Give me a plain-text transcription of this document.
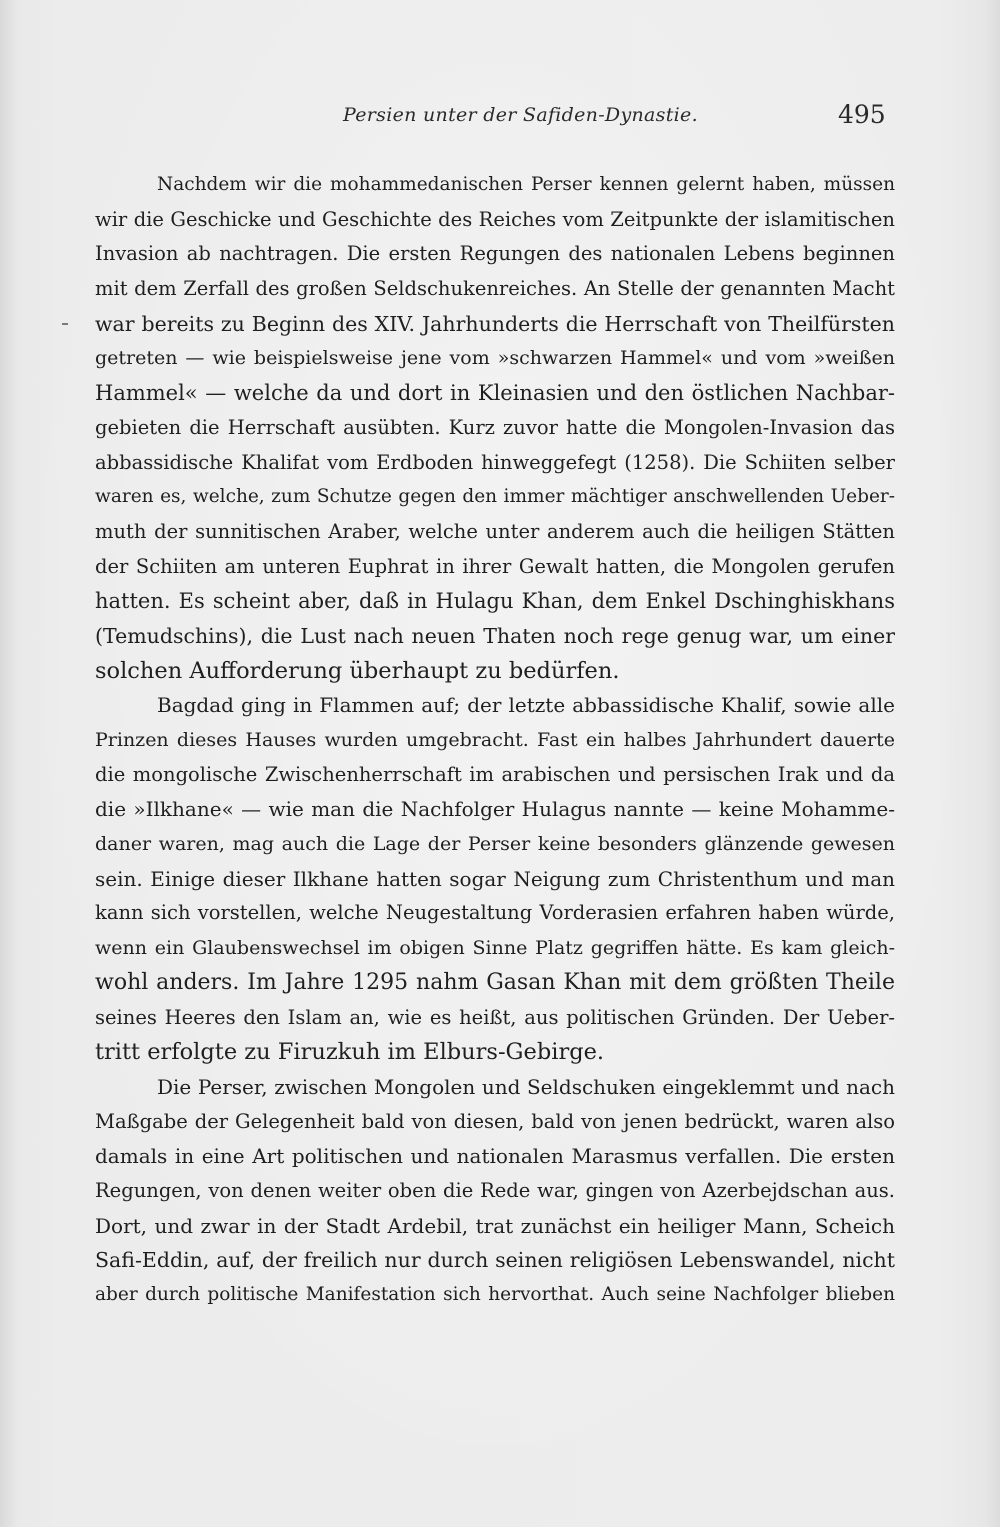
Persien unter der Safiden-Dynastie.	495
Nachdem wir die mohammedanischen Perser kennen gelernt haben, müssen
wir die Geschicke und Geschichte des Reiches vom Zeitpunkte der islamitischen
Invasion ab nachtragen. Die ersten Regungen des nationalen Lebens beginnen
mit dem Zerfall des großen Seldschukenreiches. An Stelle der genannten Macht
war bereits zu Beginn des XIV. Jahrhunderts die Herrschaft von Theilfürsten
getreten — wie beispielsweise jene vom »schwarzen Hammel« und vom »weißen
Hammel« — welche da und dort in Kleinasien und den östlichen Nachbar-
gebieten die Herrschaft ausübten. Kurz zuvor hatte die Mongolen-Invasion das
abbassidische Khalifat vom Erdboden hinweggefegt (1258). Die Schiiten selber
waren es, welche, zum Schutze gegen den immer mächtiger anschwellenden Ueber-
muth der sunnitischen Araber, welche unter anderem auch die heiligen Stätten
der Schiiten am unteren Euphrat in ihrer Gewalt hatten, die Mongolen gerufen
hatten. Es scheint aber, daß in Hulagu Khan, dem Enkel Dschinghiskhans
(Temudschins), die Lust nach neuen Thaten noch rege genug war, um einer
solchen Aufforderung überhaupt zu bedürfen.
Bagdad ging in Flammen auf; der letzte abbassidische Khalif, sowie alle
Prinzen dieses Hauses wurden umgebracht. Fast ein halbes Jahrhundert dauerte
die mongolische Zwischenherrschaft im arabischen und persischen Irak und da
die »Ilkhane« — wie man die Nachfolger Hulagus nannte — keine Mohamme-
daner waren, mag auch die Lage der Perser keine besonders glänzende gewesen
sein. Einige dieser Ilkhane hatten sogar Neigung zum Christenthum und man
kann sich vorstellen, welche Neugestaltung Vorderasien erfahren haben würde,
wenn ein Glaubenswechsel im obigen Sinne Platz gegriffen hätte. Es kam gleich-
wohl anders. Im Jahre 1295 nahm Gasan Khan mit dem größten Theile
seines Heeres den Islam an, wie es heißt, aus politischen Gründen. Der Ueber-
tritt erfolgte zu Firuzkuh im Elburs-Gebirge.
Die Perser, zwischen Mongolen und Seldschuken eingeklemmt und nach
Maßgabe der Gelegenheit bald von diesen, bald von jenen bedrückt, waren also
damals in eine Art politischen und nationalen Marasmus verfallen. Die ersten
Regungen, von denen weiter oben die Rede war, gingen von Azerbejdschan aus.
Dort, und zwar in der Stadt Ardebil, trat zunächst ein heiliger Mann, Scheich
Safi-Eddin, auf, der freilich nur durch seinen religiösen Lebenswandel, nicht
aber durch politische Manifestation sich hervorthat. Auch seine Nachfolger blieben
